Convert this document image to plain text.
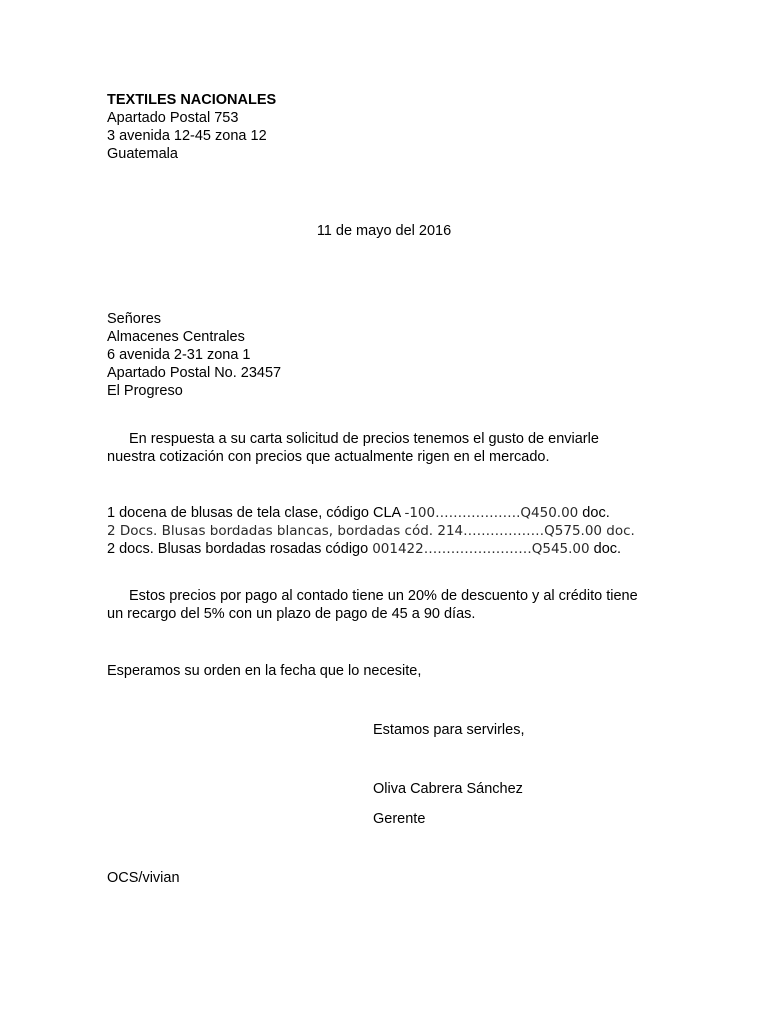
TEXTILES NACIONALES
Apartado Postal 753
3 avenida 12-45 zona 12
Guatemala
11 de mayo del 2016
Señores
Almacenes Centrales
6 avenida 2-31 zona 1
Apartado Postal No. 23457
El Progreso
En respuesta a su carta solicitud de precios tenemos el gusto de enviarle
nuestra cotización con precios que actualmente rigen en el mercado.
1 docena de blusas de tela clase, código CLA -100……………….Q450.00 doc.
2 Docs. Blusas bordadas blancas, bordadas cód. 214………………Q575.00 doc.
2 docs. Blusas bordadas rosadas código 001422……………………Q545.00 doc.
Estos precios por pago al contado tiene un 20% de descuento y al crédito tiene
un recargo del 5% con un plazo de pago de 45 a 90 días.
Esperamos su orden en la fecha que lo necesite,
Estamos para servirles,
Oliva Cabrera Sánchez
Gerente
OCS/vivian
